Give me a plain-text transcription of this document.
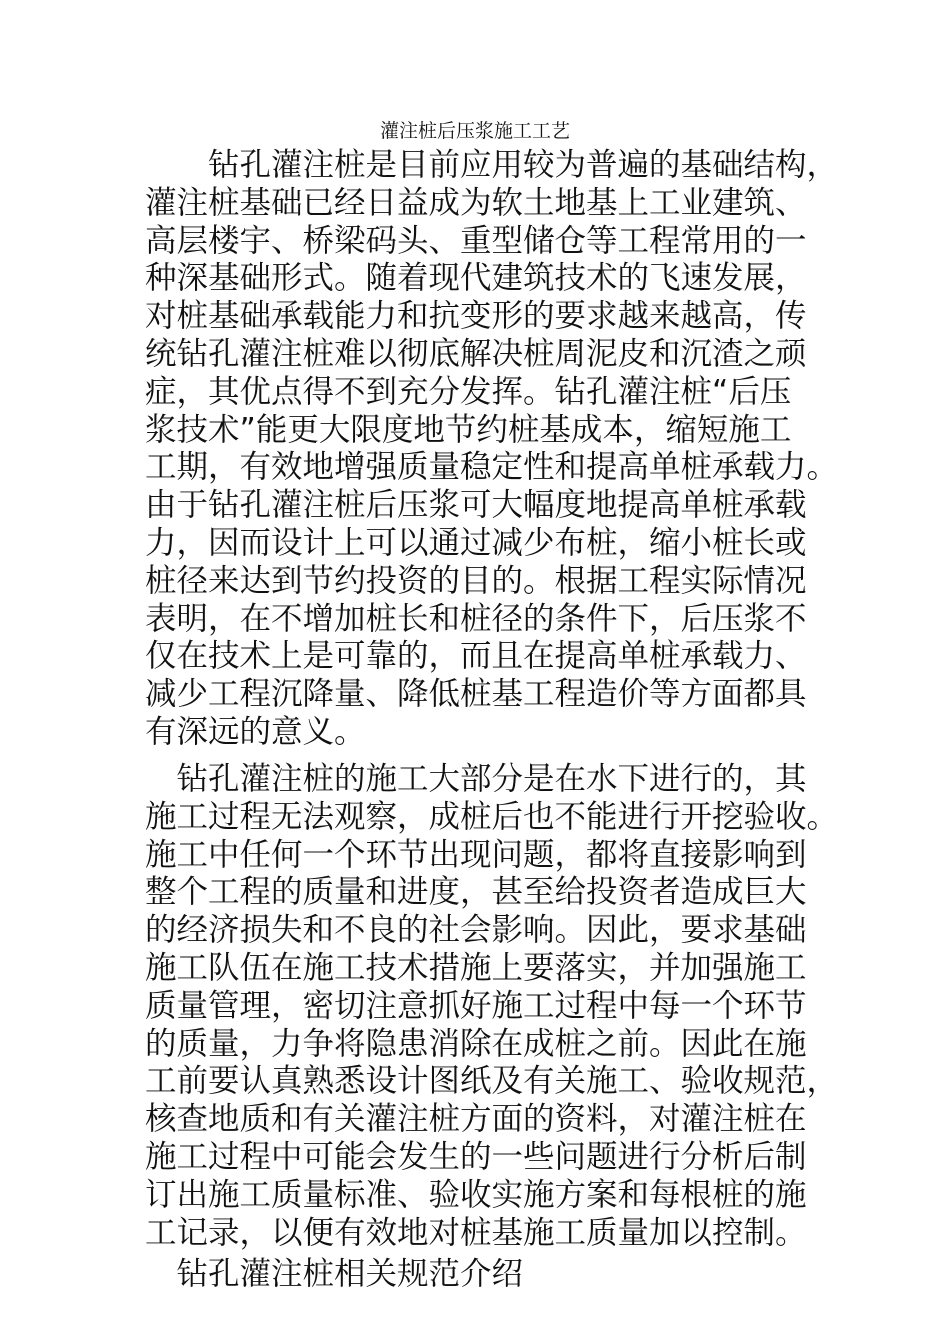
灌注桩后压浆施工工艺
　　钻孔灌注桩是目前应用较为普遍的基础结构，
灌注桩基础已经日益成为软土地基上工业建筑、
高层楼宇、桥梁码头、重型储仓等工程常用的一
种深基础形式。随着现代建筑技术的飞速发展，
对桩基础承载能力和抗变形的要求越来越高，传
统钻孔灌注桩难以彻底解决桩周泥皮和沉渣之顽
症，其优点得不到充分发挥。钻孔灌注桩“后压
浆技术”能更大限度地节约桩基成本，缩短施工
工期，有效地增强质量稳定性和提高单桩承载力。
由于钻孔灌注桩后压浆可大幅度地提高单桩承载
力，因而设计上可以通过减少布桩，缩小桩长或
桩径来达到节约投资的目的。根据工程实际情况
表明，在不增加桩长和桩径的条件下，后压浆不
仅在技术上是可靠的，而且在提高单桩承载力、
减少工程沉降量、降低桩基工程造价等方面都具
有深远的意义。
　钻孔灌注桩的施工大部分是在水下进行的，其
施工过程无法观察，成桩后也不能进行开挖验收。
施工中任何一个环节出现问题，都将直接影响到
整个工程的质量和进度，甚至给投资者造成巨大
的经济损失和不良的社会影响。因此，要求基础
施工队伍在施工技术措施上要落实，并加强施工
质量管理，密切注意抓好施工过程中每一个环节
的质量，力争将隐患消除在成桩之前。因此在施
工前要认真熟悉设计图纸及有关施工、验收规范，
核查地质和有关灌注桩方面的资料，对灌注桩在
施工过程中可能会发生的一些问题进行分析后制
订出施工质量标准、验收实施方案和每根桩的施
工记录，以便有效地对桩基施工质量加以控制。
　钻孔灌注桩相关规范介绍
